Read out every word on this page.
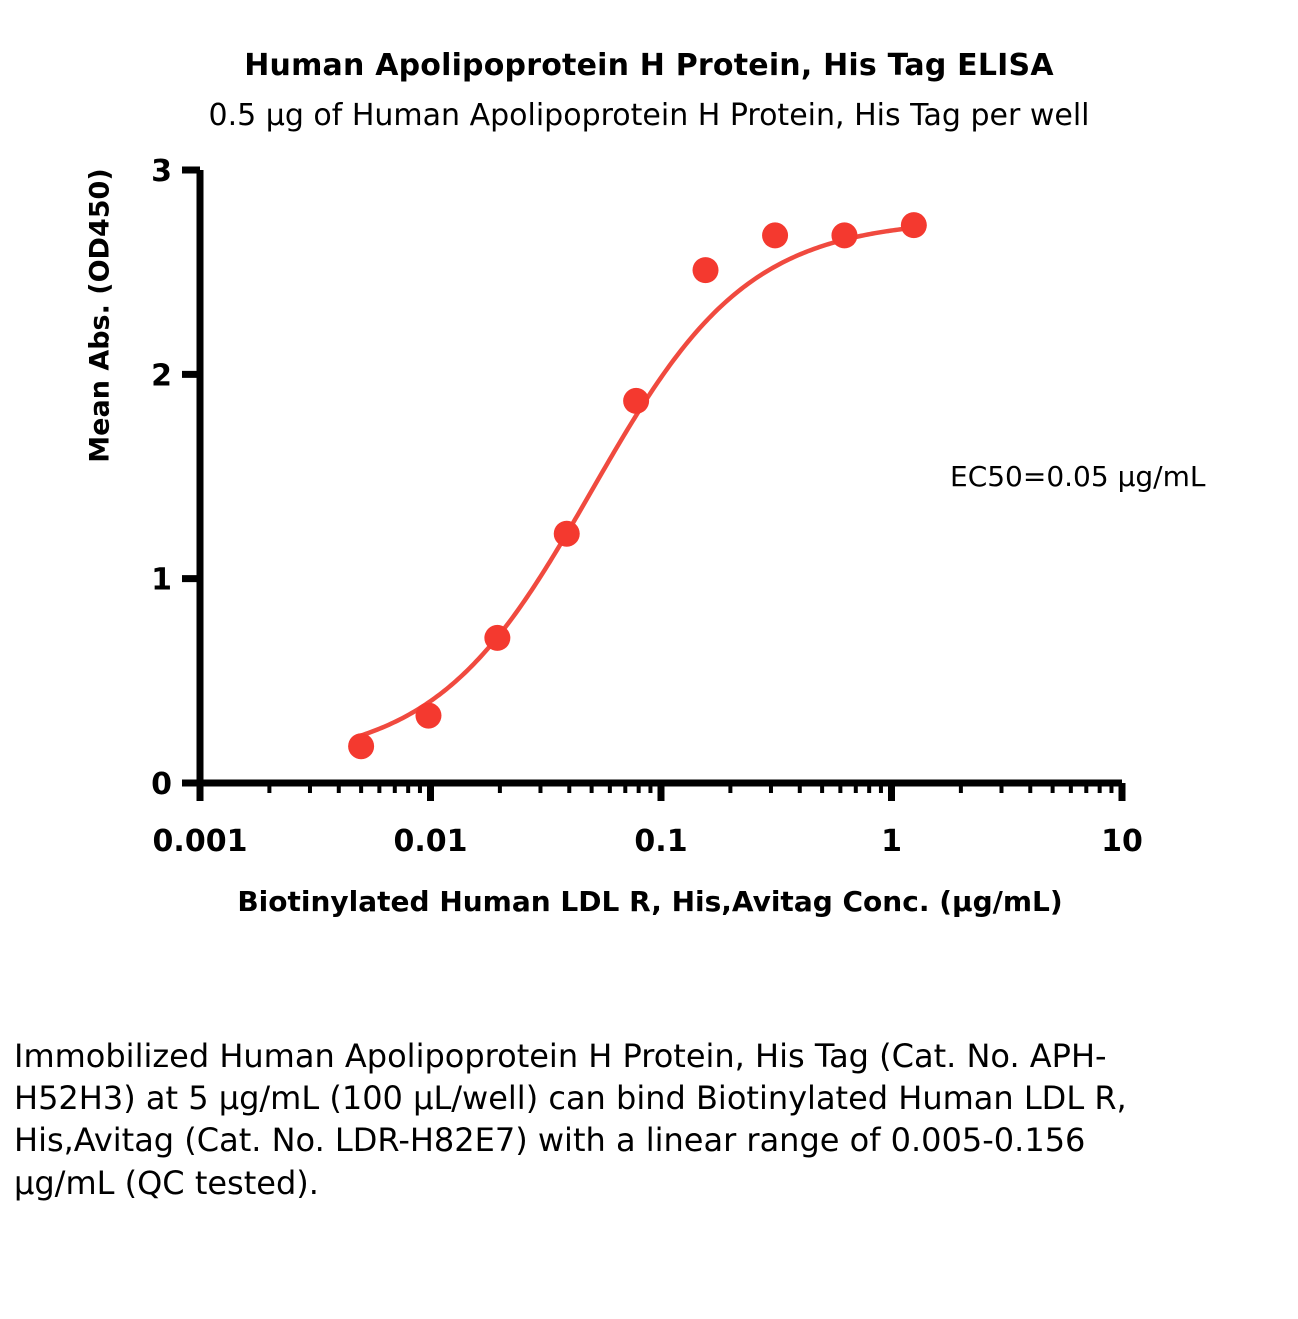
Human Apolipoprotein H Protein, His Tag ELISA
0.5 µg of Human Apolipoprotein H Protein, His Tag per well
Mean Abs. (OD450)
Biotinylated Human LDL R, His,Avitag Conc. (µg/mL)
EC50=0.05 µg/mL
0
1
2
3
0.001	0.01	0.1	1	10
Immobilized Human Apolipoprotein H Protein, His Tag (Cat. No. APH-H52H3) at 5 µg/mL (100 µL/well) can bind Biotinylated Human LDL R, His,Avitag (Cat. No. LDR-H82E7) with a linear range of 0.005-0.156 µg/mL (QC tested).
